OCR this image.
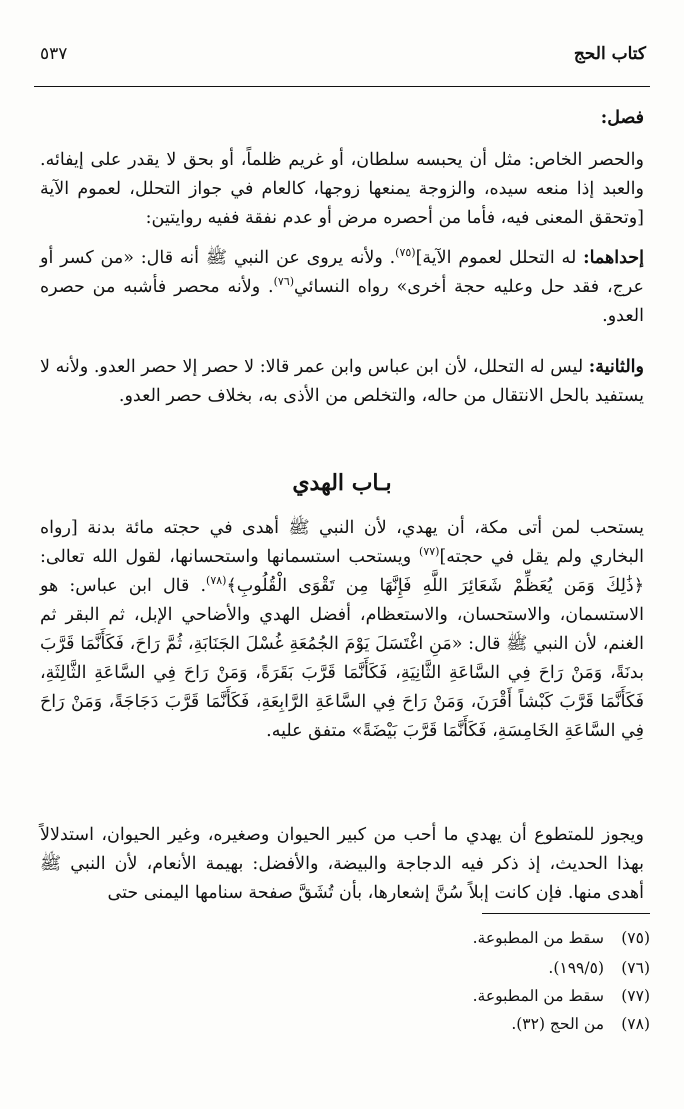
كتاب الحج
٥٣٧

فصل:

والحصر الخاص: مثل أن يحبسه سلطان، أو غريم ظلماً، أو بحق لا يقدر على إيفائه. والعبد إذا منعه سيده، والزوجة يمنعها زوجها، كالعام في جواز التحلل، لعموم الآية [وتحقق المعنى فيه، فأما من أحصره مرض أو عدم نفقة ففيه روايتين:

إحداهما: له التحلل لعموم الآية]$^{(٧٥)}$. ولأنه يروى عن النبي ﷺ أنه قال: «من كسر أو عرج، فقد حل وعليه حجة أخرى» رواه النسائي$^{(٧٦)}$. ولأنه محصر فأشبه من حصره العدو.

والثانية: ليس له التحلل، لأن ابن عباس وابن عمر قالا: لا حصر إلا حصر العدو. ولأنه لا يستفيد بالحل الانتقال من حاله، والتخلص من الأذى به، بخلاف حصر العدو.

بـاب الهدي

يستحب لمن أتى مكة، أن يهدي، لأن النبي ﷺ أهدى في حجته مائة بدنة [رواه البخاري ولم يقل في حجته]$^{(٧٧)}$ ويستحب استسمانها واستحسانها، لقول الله تعالى: ﴿ذَٰلِكَ وَمَن يُعَظِّمْ شَعَائِرَ اللَّهِ فَإِنَّهَا مِن تَقْوَى الْقُلُوبِ﴾$^{(٧٨)}$. قال ابن عباس: هو الاستسمان، والاستحسان، والاستعظام، أفضل الهدي والأضاحي الإبل، ثم البقر ثم الغنم، لأن النبي ﷺ قال: «مَنِ اغْتَسَلَ يَوْمَ الجُمُعَةِ غُسْلَ الجَنَابَةِ، ثُمَّ رَاحَ، فَكَأَنَّمَا قَرَّبَ بدنَةً، وَمَنْ رَاحَ فِي السَّاعَةِ الثَّانِيَةِ، فَكَأَنَّمَا قَرَّبَ بَقَرَةً، وَمَنْ رَاحَ فِي السَّاعَةِ الثَّالِثَةِ، فَكَأَنَّمَا قَرَّبَ كَبْشاً أَقْرَنَ، وَمَنْ رَاحَ فِي السَّاعَةِ الرَّابِعَةِ، فَكَأَنَّمَا قَرَّبَ دَجَاجَةً، وَمَنْ رَاحَ فِي السَّاعَةِ الخَامِسَةِ، فَكَأَنَّمَا قَرَّبَ بَيْضَةً» متفق عليه.

ويجوز للمتطوع أن يهدي ما أحب من كبير الحيوان وصغيره، وغير الحيوان، استدلالاً بهذا الحديث، إذ ذكر فيه الدجاجة والبيضة، والأفضل: بهيمة الأنعام، لأن النبي ﷺ أهدى منها. فإن كانت إبلاً سُنَّ إشعارها، بأن تُشَقَّ صفحة سنامها اليمنى حتى

(٧٥)سقط من المطبوعة.
(٧٦)(١٩٩/٥).
(٧٧)سقط من المطبوعة.
(٧٨)من الحج (٣٢).
